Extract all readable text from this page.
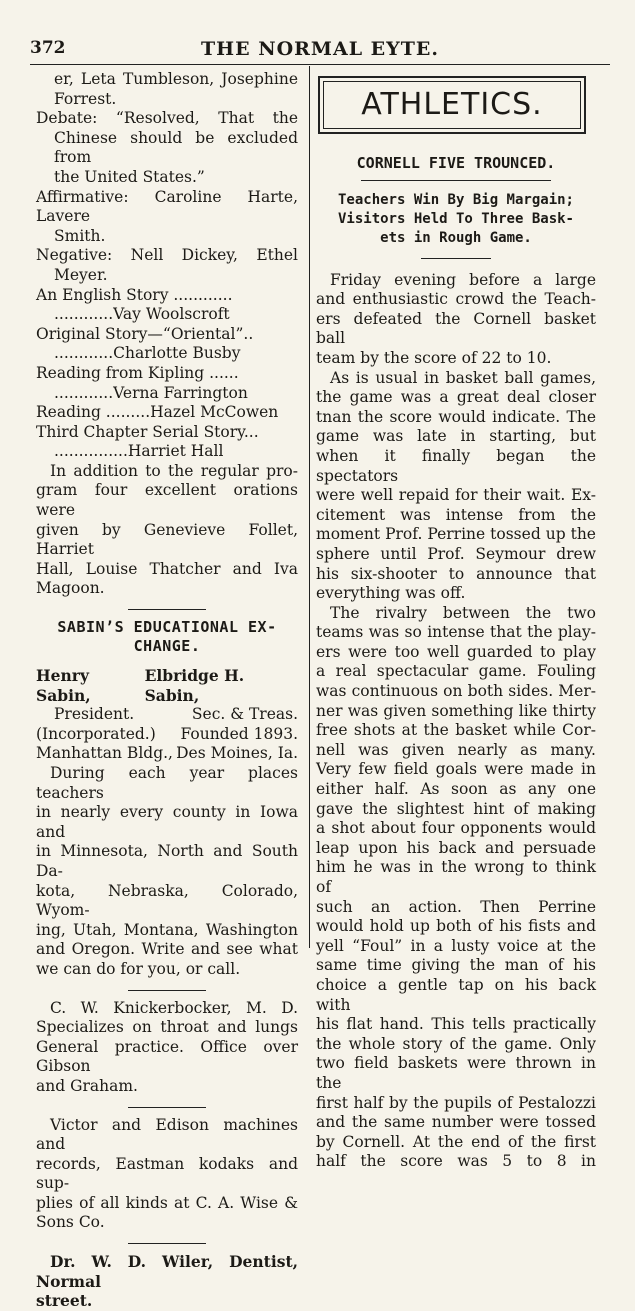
372	THE NORMAL EYTE.
er, Leta Tumbleson, Josephine
Forrest.
Debate: “Resolved, That the
Chinese should be excluded from
the United States.”
Affirmative: Caroline Harte, Lavere
Smith.
Negative: Nell Dickey, Ethel
Meyer.
An English Story ............
............Vay Woolscroft
Original Story—“Oriental”..
............Charlotte Busby
Reading from Kipling ......
............Verna Farrington
Reading .........Hazel McCowen
Third Chapter Serial Story...
...............Harriet Hall
In addition to the regular pro-
gram four excellent orations were
given by Genevieve Follet, Harriet
Hall, Louise Thatcher and Iva
Magoon.
SABIN’S EDUCATIONAL EX-
CHANGE.
Henry Sabin,
Elbridge H. Sabin,
President.	Sec. & Treas.
(Incorporated.) Founded 1893.
Manhattan Bldg., Des Moines, Ia.
During each year places teachers
in nearly every county in Iowa and
in Minnesota, North and South Da-
kota, Nebraska, Colorado, Wyom-
ing, Utah, Montana, Washington
and Oregon. Write and see what
we can do for you, or call.
C. W. Knickerbocker, M. D.
Specializes on throat and lungs
General practice. Office over Gibson
and Graham.
Victor and Edison machines and
records, Eastman kodaks and sup-
plies of all kinds at C. A. Wise &
Sons Co.
Dr. W. D. Wiler, Dentist, Normal
street.
ATHLETICS.
CORNELL FIVE TROUNCED.
Teachers Win By Big Margain;
Visitors Held To Three Bask-
ets in Rough Game.
Friday evening before a large
and enthusiastic crowd the Teach-
ers defeated the Cornell basket ball
team by the score of 22 to 10.
As is usual in basket ball games,
the game was a great deal closer
tnan the score would indicate. The
game was late in starting, but
when it finally began the spectators
were well repaid for their wait. Ex-
citement was intense from the
moment Prof. Perrine tossed up the
sphere until Prof. Seymour drew
his six-shooter to announce that
everything was off.
The rivalry between the two
teams was so intense that the play-
ers were too well guarded to play
a real spectacular game. Fouling
was continuous on both sides. Mer-
ner was given something like thirty
free shots at the basket while Cor-
nell was given nearly as many.
Very few field goals were made in
either half. As soon as any one
gave the slightest hint of making
a shot about four opponents would
leap upon his back and persuade
him he was in the wrong to think of
such an action. Then Perrine
would hold up both of his fists and
yell “Foul” in a lusty voice at the
same time giving the man of his
choice a gentle tap on his back with
his flat hand. This tells practically
the whole story of the game. Only
two field baskets were thrown in the
first half by the pupils of Pestalozzi
and the same number were tossed
by Cornell. At the end of the first
half the score was 5 to 8 in
